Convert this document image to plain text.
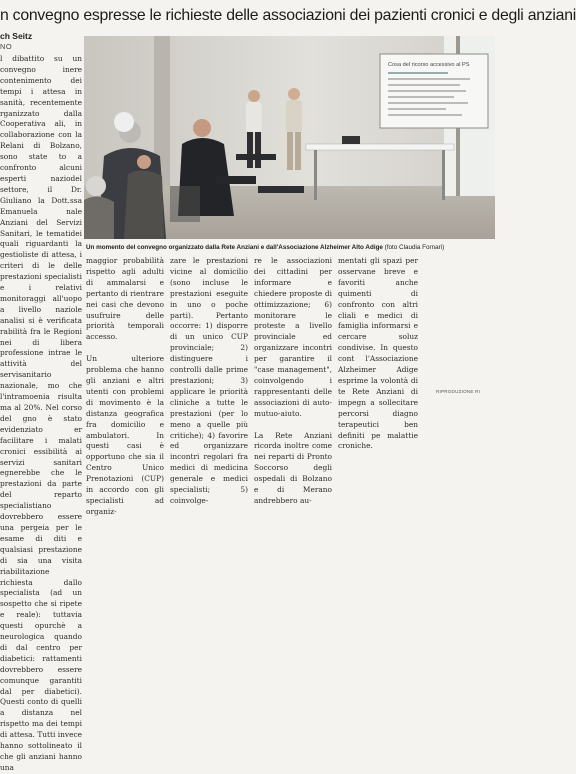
n convegno espresse le richieste delle associazioni dei pazienti cronici e degli anziani
ch Seitz
NO

l dibattito su un convegno inere contenimento dei tempi i attesa in sanità, recentemente rganizzato dalla Cooperativa ali, in collaborazione con la Relani di Bolzano, sono state to a confronto alcuni esperti naziodel settore, il Dr. Giuliano la Dott.ssa Emanuela nale Anziani del Servizi Sanitari, le tematidei quali riguardanti la gestioliste di attesa, i criteri di le delle prestazioni specialisti e i relativi monitoraggi all'uopo a livello naziole analisi si è verificata rabilità fra le Regioni nei di libera professione intrae le attività del servisanitario nazionale, mo che l'intramoenia risulta ma al 20%. Nel corso del gno è stato evidenziato er facilitare i malati cronici essibilità ai servizi sanitari egnerebbe che le prestazioni da parte del reparto specialistiano dovrebbero essere una pergeia per le esame di diti e qualsiasi prestazione di sia una visita riabilitazione richiesta dallo specialista (ad un sospetto che si ripete e reale): tuttavia questi opurchè a neurologica quando di dal centro per diabetici: rattamenti dovrebbero essere comunque garantiti dal per diabetici). Questi conto di quelli a distanza nel rispetto ma dei tempi di attesa. Tutti invece hanno sottolineato il che gli anziani hanno una

Cosa del ricorso accessivo al PS
Un momento del convegno organizzato dalla Rete Anziani e dall'Associazione Alzheimer Alto Adige (foto Claudia Fornari)

maggior probabilità rispetto agli adulti di ammalarsi e pertanto di rientrare nei casi che devono usufruire delle priorità temporali accesso.

Un ulteriore problema che hanno gli anziani e altri utenti con problemi di movimento è la distanza geografica fra domicilio e ambulatori. In questi casi è opportuno che sia il Centro Unico Prenotazioni (CUP) in accordo con gli specialisti ad organiz-

zare le prestazioni vicine al domicilio (sono incluse le prestazioni eseguite in uno o poche parti). Pertanto occorre: 1) disporre di un unico CUP provinciale; 2) distinguere i controlli dalle prime prestazioni; 3) applicare le priorità cliniche a tutte le prestazioni (per lo meno a quelle più critiche); 4) favorire ed organizzare incontri regolari fra medici di medicina generale e medici specialisti; 5) coinvolge-

re le associazioni dei cittadini per informare e chiedere proposte di ottimizzazione; 6) monitorare le proteste a livello provinciale ed organizzare incontri per garantire il "case management", coinvolgendo i rappresentanti delle associazioni di auto-mutuo-aiuto.

La Rete Anziani ricorda inoltre come nei reparti di Pronto Soccorso degli ospedali di Bolzano e di Merano andrebbero au-

mentati gli spazi per osservane breve e favoriti anche quimenti di confronto con altri cliali e medici di famiglia informarsi e cercare soluz condivise. In questo cont l'Associazione Alzheimer Adige esprime la volontà di te Rete Anziani di impegn a sollecitare percorsi diagno terapeutici ben definiti pe malattie croniche.

RIPRODUZIONE RI
